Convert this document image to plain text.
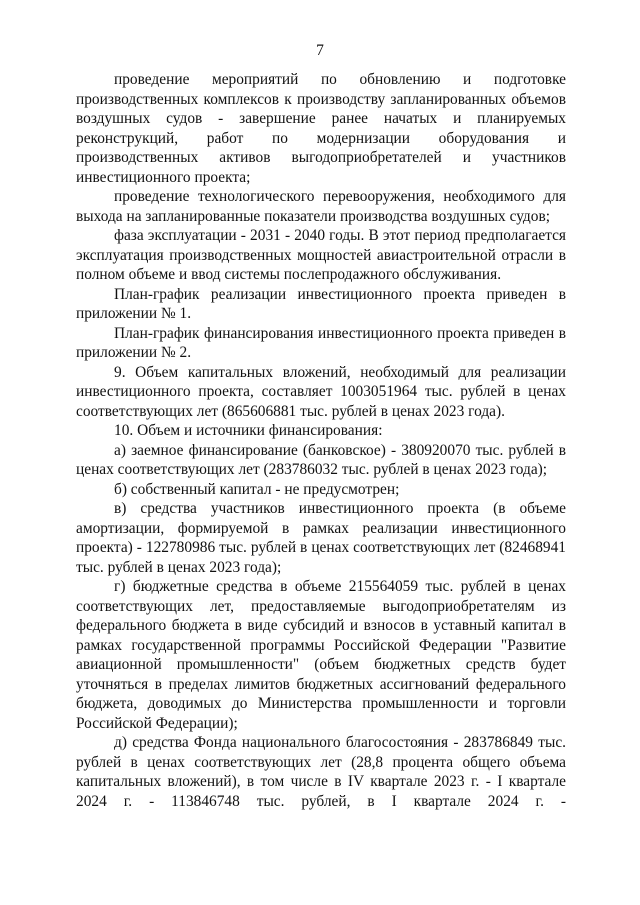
7

проведение мероприятий по обновлению и подготовке производственных комплексов к производству запланированных объемов воздушных судов - завершение ранее начатых и планируемых реконструкций, работ по модернизации оборудования и производственных активов выгодоприобретателей и участников инвестиционного проекта;

проведение технологического перевооружения, необходимого для выхода на запланированные показатели производства воздушных судов;

фаза эксплуатации - 2031 - 2040 годы. В этот период предполагается эксплуатация производственных мощностей авиастроительной отрасли в полном объеме и ввод системы послепродажного обслуживания.

План-график реализации инвестиционного проекта приведен в приложении № 1.

План-график финансирования инвестиционного проекта приведен в приложении № 2.

9. Объем капитальных вложений, необходимый для реализации инвестиционного проекта, составляет 1003051964 тыс. рублей в ценах соответствующих лет (865606881 тыс. рублей в ценах 2023 года).

10. Объем и источники финансирования:

а) заемное финансирование (банковское) - 380920070 тыс. рублей в ценах соответствующих лет (283786032 тыс. рублей в ценах 2023 года);

б) собственный капитал - не предусмотрен;

в) средства участников инвестиционного проекта (в объеме амортизации, формируемой в рамках реализации инвестиционного проекта) - 122780986 тыс. рублей в ценах соответствующих лет (82468941 тыс. рублей в ценах 2023 года);

г) бюджетные средства в объеме 215564059 тыс. рублей в ценах соответствующих лет, предоставляемые выгодоприобретателям из федерального бюджета в виде субсидий и взносов в уставный капитал в рамках государственной программы Российской Федерации "Развитие авиационной промышленности" (объем бюджетных средств будет уточняться в пределах лимитов бюджетных ассигнований федерального бюджета, доводимых до Министерства промышленности и торговли Российской Федерации);

д) средства Фонда национального благосостояния - 283786849 тыс. рублей в ценах соответствующих лет (28,8 процента общего объема капитальных вложений), в том числе в IV квартале 2023 г. - I квартале 2024 г. - 113846748 тыс. рублей, в I квартале 2024 г. -
